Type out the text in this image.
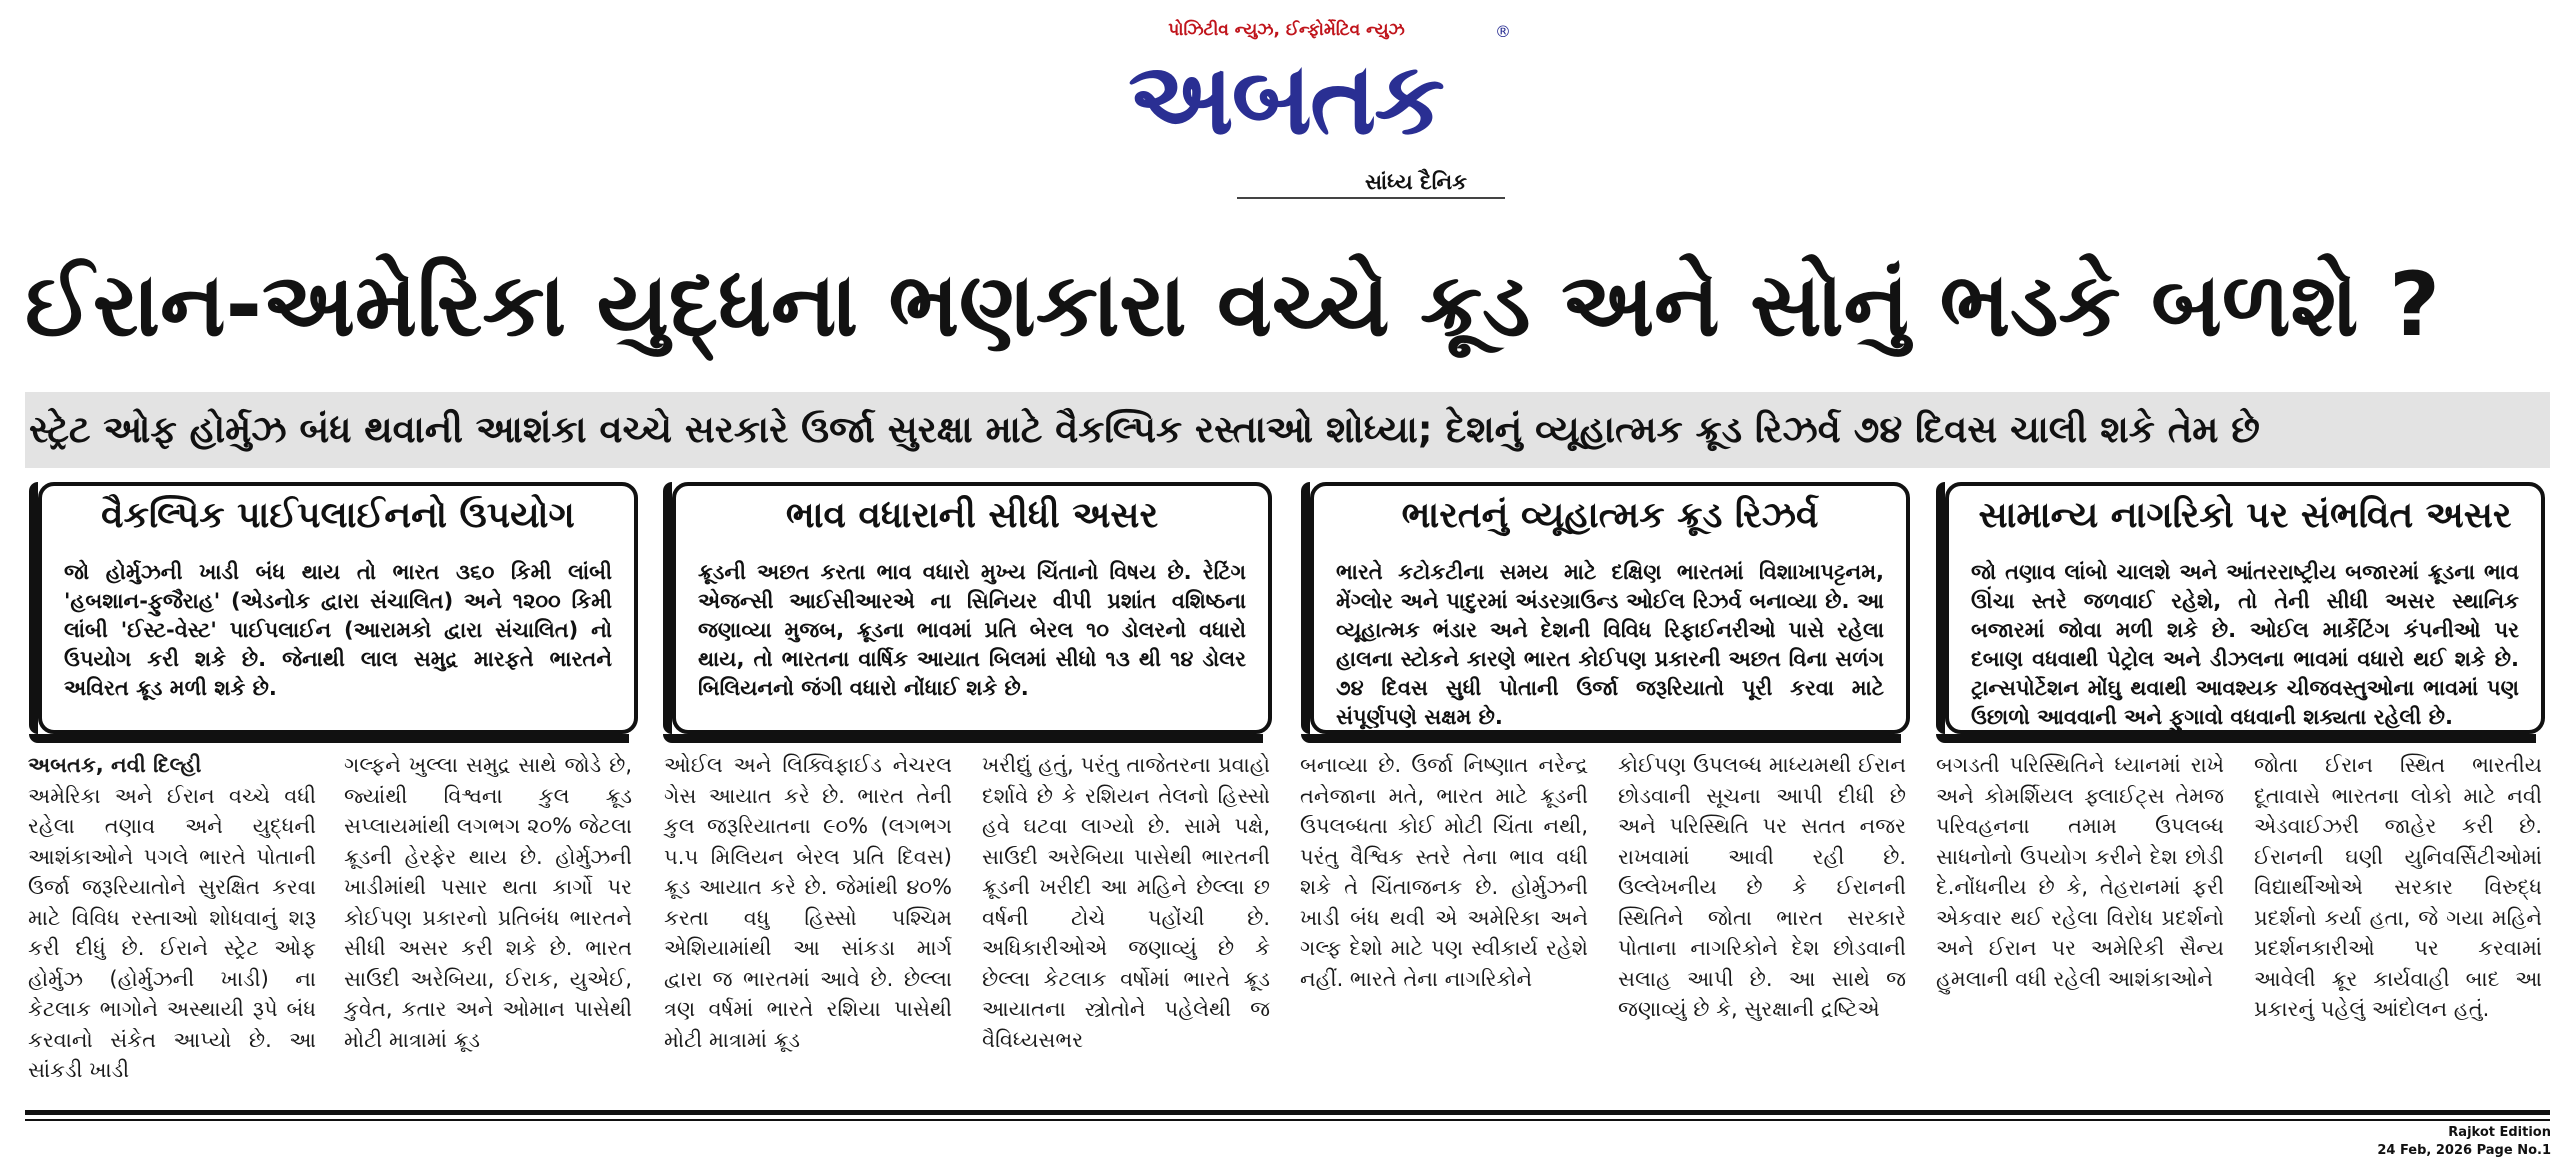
પોઝિટીવ ન્યુઝ, ઈન્ફોર્મેટિવ ન્યુઝ
અબતક
®
સાંધ્ય દૈનિક
ઈરાન-અમેરિકા યુદ્ધના ભણકારા વચ્ચે ક્રૂડ અને સોનું ભડકે બળશે ?
સ્ટ્રેટ ઓફ હોર્મુઝ બંધ થવાની આશંકા વચ્ચે સરકારે ઉર્જા સુરક્ષા માટે વૈકલ્પિક રસ્તાઓ શોધ્યા; દેશનું વ્યૂહાત્મક ક્રૂડ રિઝર્વ ૭૪ દિવસ ચાલી શકે તેમ છે
વૈકલ્પિક પાઈપલાઈનનો ઉપયોગ
જો હોર્મુઝની ખાડી બંધ થાય તો ભારત ૩૬૦ કિમી લાંબી 'હબશાન-ફુજૈરાહ' (એડનોક દ્વારા સંચાલિત) અને ૧૨૦૦ કિમી લાંબી 'ઈસ્ટ-વેસ્ટ' પાઈપલાઈન (આરામકો દ્વારા સંચાલિત) નો ઉપયોગ કરી શકે છે. જેનાથી લાલ સમુદ્ર મારફતે ભારતને અવિરત ક્રૂડ મળી શકે છે.
ભાવ વધારાની સીધી અસર
ક્રૂડની અછત કરતા ભાવ વધારો મુખ્ય ચિંતાનો વિષય છે. રેટિંગ એજન્સી આઈસીઆરએ ના સિનિયર વીપી પ્રશાંત વશિષ્ઠના જણાવ્યા મુજબ, ક્રૂડના ભાવમાં પ્રતિ બેરલ ૧૦ ડોલરનો વધારો થાય, તો ભારતના વાર્ષિક આયાત બિલમાં સીધો ૧૩ થી ૧૪ ડોલર બિલિયનનો જંગી વધારો નોંધાઈ શકે છે.
ભારતનું વ્યૂહાત્મક ક્રૂડ રિઝર્વ
ભારતે કટોકટીના સમય માટે દક્ષિણ ભારતમાં વિશાખાપટ્ટનમ, મેંગ્લોર અને પાદુરમાં અંડરગ્રાઉન્ડ ઓઈલ રિઝર્વ બનાવ્યા છે. આ વ્યૂહાત્મક ભંડાર અને દેશની વિવિધ રિફાઈનરીઓ પાસે રહેલા હાલના સ્ટોકને કારણે ભારત કોઈપણ પ્રકારની અછત વિના સળંગ ૭૪ દિવસ સુધી પોતાની ઉર્જા જરૂરિયાતો પૂરી કરવા માટે સંપૂર્ણપણે સક્ષમ છે.
સામાન્ય નાગરિકો પર સંભવિત અસર
જો તણાવ લાંબો ચાલશે અને આંતરરાષ્ટ્રીય બજારમાં ક્રૂડના ભાવ ઊંચા સ્તરે જળવાઈ રહેશે, તો તેની સીધી અસર સ્થાનિક બજારમાં જોવા મળી શકે છે. ઓઈલ માર્કેટિંગ કંપનીઓ પર દબાણ વધવાથી પેટ્રોલ અને ડીઝલના ભાવમાં વધારો થઈ શકે છે. ટ્રાન્સપોર્ટેશન મોંઘુ થવાથી આવશ્યક ચીજવસ્તુઓના ભાવમાં પણ ઉછાળો આવવાની અને ફુગાવો વધવાની શક્યતા રહેલી છે.
અબતક, નવી દિલ્હી
અમેરિકા અને ઈરાન વચ્ચે વધી રહેલા તણાવ અને યુદ્ધની આશંકાઓને પગલે ભારતે પોતાની ઉર્જા જરૂરિયાતોને સુરક્ષિત કરવા માટે વિવિધ રસ્તાઓ શોધવાનું શરૂ કરી દીધું છે. ઈરાને સ્ટ્રેટ ઓફ હોર્મુઝ (હોર્મુઝની ખાડી) ના કેટલાક ભાગોને અસ્થાયી રૂપે બંધ કરવાનો સંકેત આપ્યો છે. આ સાંકડી ખાડી
ગલ્ફને ખુલ્લા સમુદ્ર સાથે જોડે છે, જ્યાંથી વિશ્વના કુલ ક્રૂડ સપ્લાયમાંથી લગભગ ૨૦% જેટલા ક્રૂડની હેરફેર થાય છે. હોર્મુઝની ખાડીમાંથી પસાર થતા કાર્ગો પર કોઈપણ પ્રકારનો પ્રતિબંધ ભારતને સીધી અસર કરી શકે છે. ભારત સાઉદી અરેબિયા, ઈરાક, યુએઈ, કુવેત, કતાર અને ઓમાન પાસેથી મોટી માત્રામાં ક્રૂડ
ઓઈલ અને લિક્વિફાઈડ નેચરલ ગેસ આયાત કરે છે. ભારત તેની કુલ જરૂરિયાતના ૯૦% (લગભગ ૫.૫ મિલિયન બેરલ પ્રતિ દિવસ) ક્રૂડ આયાત કરે છે. જેમાંથી ૪૦% કરતા વધુ હિસ્સો પશ્ચિમ એશિયામાંથી આ સાંકડા માર્ગ દ્વારા જ ભારતમાં આવે છે. છેલ્લા ત્રણ વર્ષમાં ભારતે રશિયા પાસેથી મોટી માત્રામાં ક્રૂડ
ખરીદ્યું હતું, પરંતુ તાજેતરના પ્રવાહો દર્શાવે છે કે રશિયન તેલનો હિસ્સો હવે ઘટવા લાગ્યો છે. સામે પક્ષે, સાઉદી અરેબિયા પાસેથી ભારતની ક્રૂડની ખરીદી આ મહિને છેલ્લા છ વર્ષની ટોચે પહોંચી છે. અધિકારીઓએ જણાવ્યું છે કે છેલ્લા કેટલાક વર્ષોમાં ભારતે ક્રૂડ આયાતના સ્ત્રોતોને પહેલેથી જ વૈવિધ્યસભર
બનાવ્યા છે. ઉર્જા નિષ્ણાત નરેન્દ્ર તનેજાના મતે, ભારત માટે ક્રૂડની ઉપલબ્ધતા કોઈ મોટી ચિંતા નથી, પરંતુ વૈશ્વિક સ્તરે તેના ભાવ વધી શકે તે ચિંતાજનક છે. હોર્મુઝની ખાડી બંધ થવી એ અમેરિકા અને ગલ્ફ દેશો માટે પણ સ્વીકાર્ય રહેશે નહીં. ભારતે તેના નાગરિકોને
કોઈપણ ઉપલબ્ધ માધ્યમથી ઈરાન છોડવાની સૂચના આપી દીધી છે અને પરિસ્થિતિ પર સતત નજર રાખવામાં આવી રહી છે. ઉલ્લેખનીય છે કે ઈરાનની સ્થિતિને જોતા ભારત સરકારે પોતાના નાગરિકોને દેશ છોડવાની સલાહ આપી છે. આ સાથે જ જણાવ્યું છે કે, સુરક્ષાની દ્રષ્ટિએ
બગડતી પરિસ્થિતિને ધ્યાનમાં રાખે અને કોમર્શિયલ ફ્લાઈટ્સ તેમજ પરિવહનના તમામ ઉપલબ્ધ સાધનોનો ઉપયોગ કરીને દેશ છોડી દે.નોંધનીય છે કે, તેહરાનમાં ફરી એકવાર થઈ રહેલા વિરોધ પ્રદર્શનો અને ઈરાન પર અમેરિકી સૈન્ય હુમલાની વધી રહેલી આશંકાઓને
જોતા ઈરાન સ્થિત ભારતીય દૂતાવાસે ભારતના લોકો માટે નવી એડવાઈઝરી જાહેર કરી છે. ઈરાનની ઘણી યુનિવર્સિટીઓમાં વિદ્યાર્થીઓએ સરકાર વિરુદ્ધ પ્રદર્શનો કર્યા હતા, જે ગયા મહિને પ્રદર્શનકારીઓ પર કરવામાં આવેલી ક્રૂર કાર્યવાહી બાદ આ પ્રકારનું પહેલું આંદોલન હતું.
Rajkot Edition
24 Feb, 2026 Page No.1
